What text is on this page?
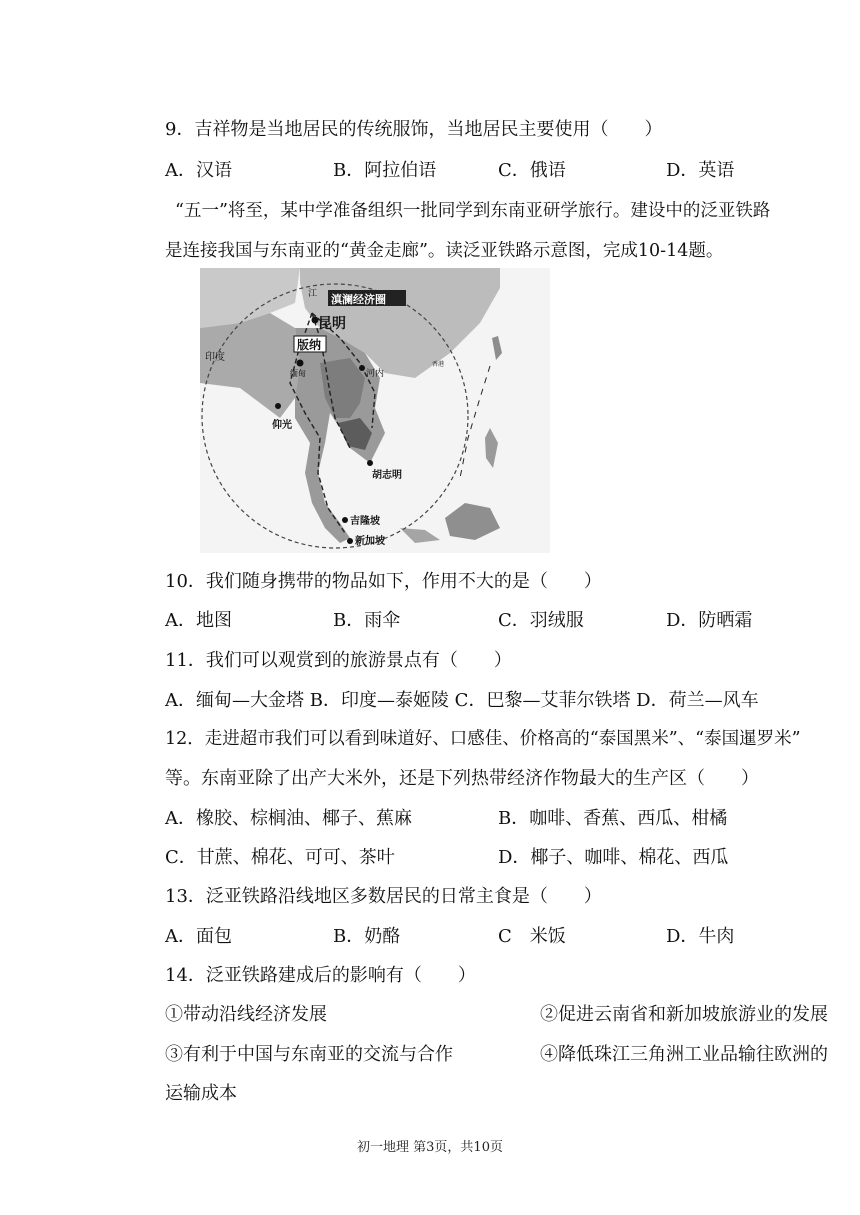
9．吉祥物是当地居民的传统服饰，当地居民主要使用（　　）
A．汉语	B．阿拉伯语	C．俄语	D．英语
“五一”将至，某中学准备组织一批同学到东南亚研学旅行。建设中的泛亚铁路
是连接我国与东南亚的“黄金走廊”。读泛亚铁路示意图，完成10-14题。
滇澜经济圈
昆明
版纳
河内
仰光
胡志明
吉隆坡
新加坡
印度
缅甸
江
香港
10．我们随身携带的物品如下，作用不大的是（　　）
A．地图	B．雨伞	C．羽绒服	D．防晒霜
11．我们可以观赏到的旅游景点有（　　）
A．缅甸—大金塔 B．印度—泰姬陵 C．巴黎—艾菲尔铁塔 D．荷兰—风车
12．走进超市我们可以看到味道好、口感佳、价格高的“泰国黑米”、“泰国暹罗米”
等。东南亚除了出产大米外，还是下列热带经济作物最大的生产区（　　）
A．橡胶、棕榈油、椰子、蕉麻	B．咖啡、香蕉、西瓜、柑橘
C．甘蔗、棉花、可可、茶叶	D．椰子、咖啡、棉花、西瓜
13．泛亚铁路沿线地区多数居民的日常主食是（　　）
A．面包	B．奶酪	C　米饭	D．牛肉
14．泛亚铁路建成后的影响有（　　）
①带动沿线经济发展	②促进云南省和新加坡旅游业的发展
③有利于中国与东南亚的交流与合作	④降低珠江三角洲工业品输往欧洲的
运输成本
初一地理 第3页，共10页
